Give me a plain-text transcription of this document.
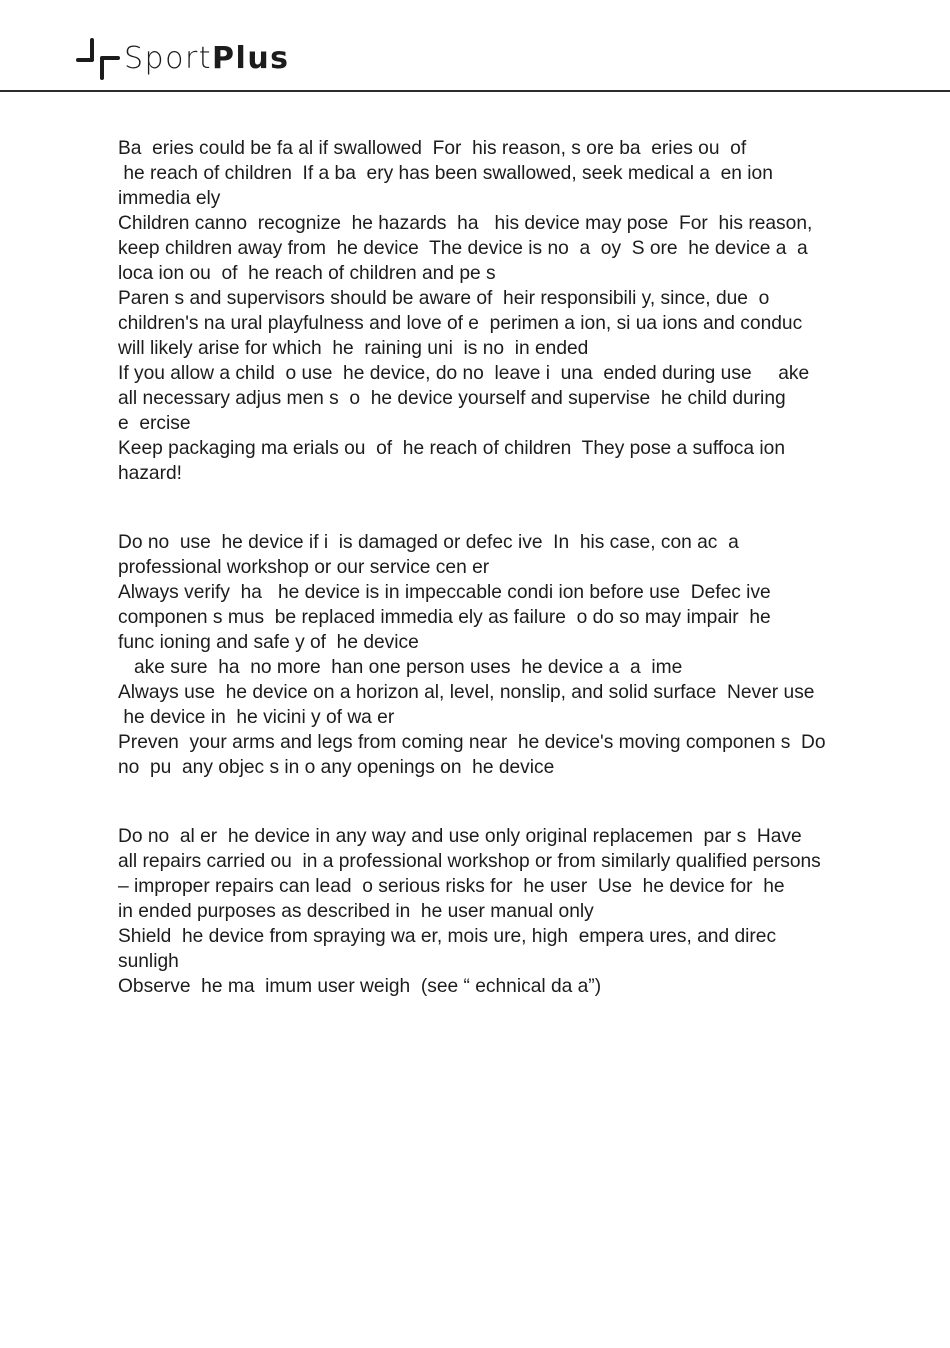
SportPlus

Ba  eries could be fa al if swallowed  For  his reason, s ore ba  eries ou  of
he reach of children  If a ba  ery has been swallowed, seek medical a  en ion
immedia ely

Children canno  recognize  he hazards  ha   his device may pose  For  his reason,
keep children away from  he device  The device is no  a  oy  S ore  he device a  a
loca ion ou  of  he reach of children and pe s

Paren s and supervisors should be aware of  heir responsibili y, since, due  o
children's na ural playfulness and love of e  perimen a ion, si ua ions and conduc
will likely arise for which  he  raining uni  is no  in ended

If you allow a child  o use  he device, do no  leave i  una  ended during use     ake
all necessary adjus men s  o  he device yourself and supervise  he child during
e  ercise

Keep packaging ma erials ou  of  he reach of children  They pose a suffoca ion
hazard!

Do no  use  he device if i  is damaged or defec ive  In  his case, con ac  a
professional workshop or our service cen er

Always verify  ha   he device is in impeccable condi ion before use  Defec ive
componen s mus  be replaced immedia ely as failure  o do so may impair  he
func ioning and safe y of  he device

ake sure  ha  no more  han one person uses  he device a  a  ime

Always use  he device on a horizon al, level, nonslip, and solid surface  Never use
he device in  he vicini y of wa er

Preven  your arms and legs from coming near  he device's moving componen s  Do
no  pu  any objec s in o any openings on  he device

Do no  al er  he device in any way and use only original replacemen  par s  Have
all repairs carried ou  in a professional workshop or from similarly qualified persons
– improper repairs can lead  o serious risks for  he user  Use  he device for  he
in ended purposes as described in  he user manual only

Shield  he device from spraying wa er, mois ure, high  empera ures, and direc
sunligh

Observe  he ma  imum user weigh  (see “ echnical da a”)
